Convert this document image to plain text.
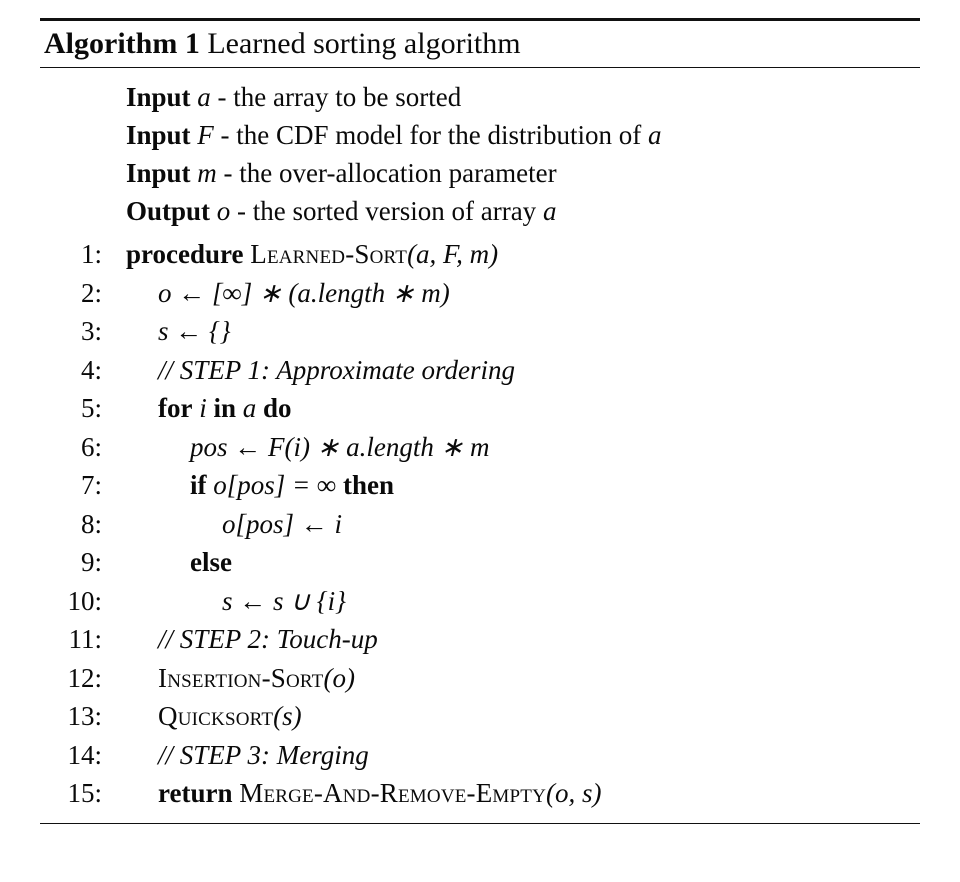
Algorithm 1 Learned sorting algorithm
Input a - the array to be sorted
Input F - the CDF model for the distribution of a
Input m - the over-allocation parameter
Output o - the sorted version of array a
1: procedure Learned-Sort(a, F, m)
2: o ← [∞] ∗ (a.length ∗ m)
3: s ← {}
4: // STEP 1: Approximate ordering
5: for i in a do
6:	pos ← F(i) ∗ a.length ∗ m
7:	if o[pos] = ∞ then
8:	o[pos] ← i
9:	else
10:	s ← s ∪ {i}
11: // STEP 2: Touch-up
12: Insertion-Sort(o)
13: Quicksort(s)
14: // STEP 3: Merging
15: return Merge-And-Remove-Empty(o, s)
